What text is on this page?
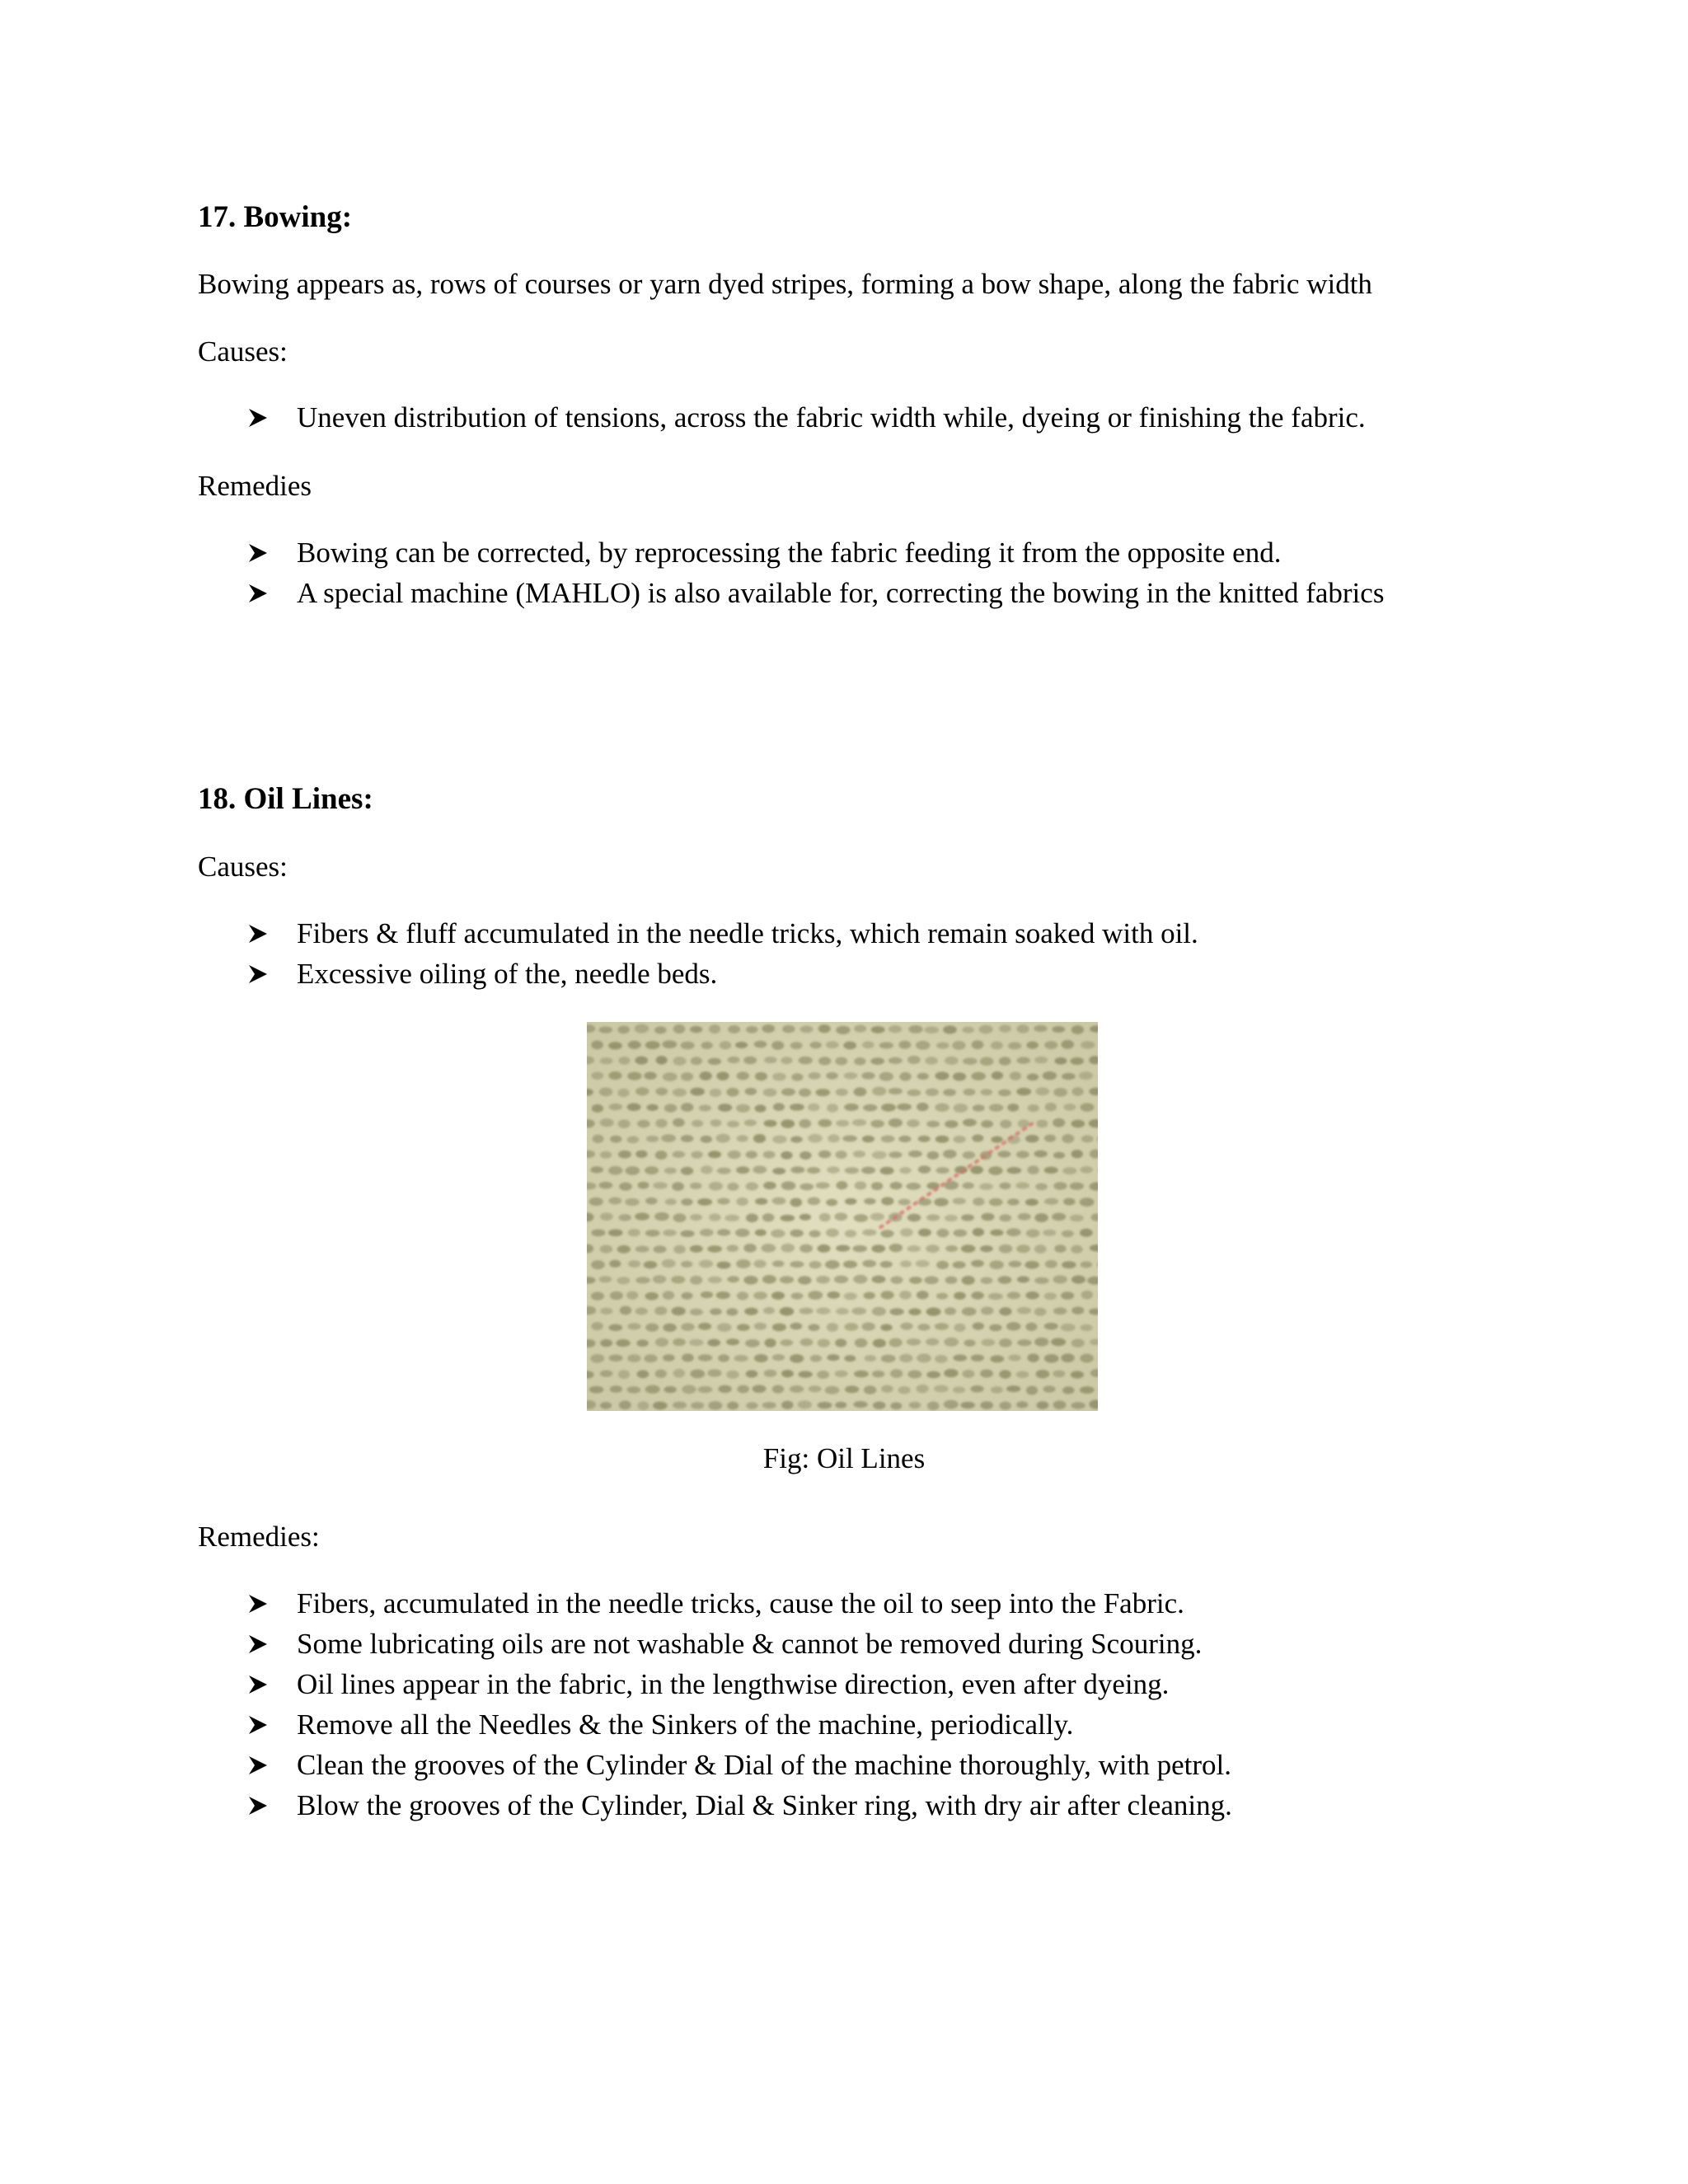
17. Bowing:
Bowing appears as, rows of courses or yarn dyed stripes, forming a bow shape, along the fabric width
Causes:
Uneven distribution of tensions, across the fabric width while, dyeing or finishing the fabric.
Remedies
Bowing can be corrected, by reprocessing the fabric feeding it from the opposite end.
A special machine (MAHLO) is also available for, correcting the bowing in the knitted fabrics
18. Oil Lines:
Causes:
Fibers & fluff accumulated in the needle tricks, which remain soaked with oil.
Excessive oiling of the, needle beds.
Fig: Oil Lines
Remedies:
Fibers, accumulated in the needle tricks, cause the oil to seep into the Fabric.
Some lubricating oils are not washable & cannot be removed during Scouring.
Oil lines appear in the fabric, in the lengthwise direction, even after dyeing.
Remove all the Needles & the Sinkers of the machine, periodically.
Clean the grooves of the Cylinder & Dial of the machine thoroughly, with petrol.
Blow the grooves of the Cylinder, Dial & Sinker ring, with dry air after cleaning.
